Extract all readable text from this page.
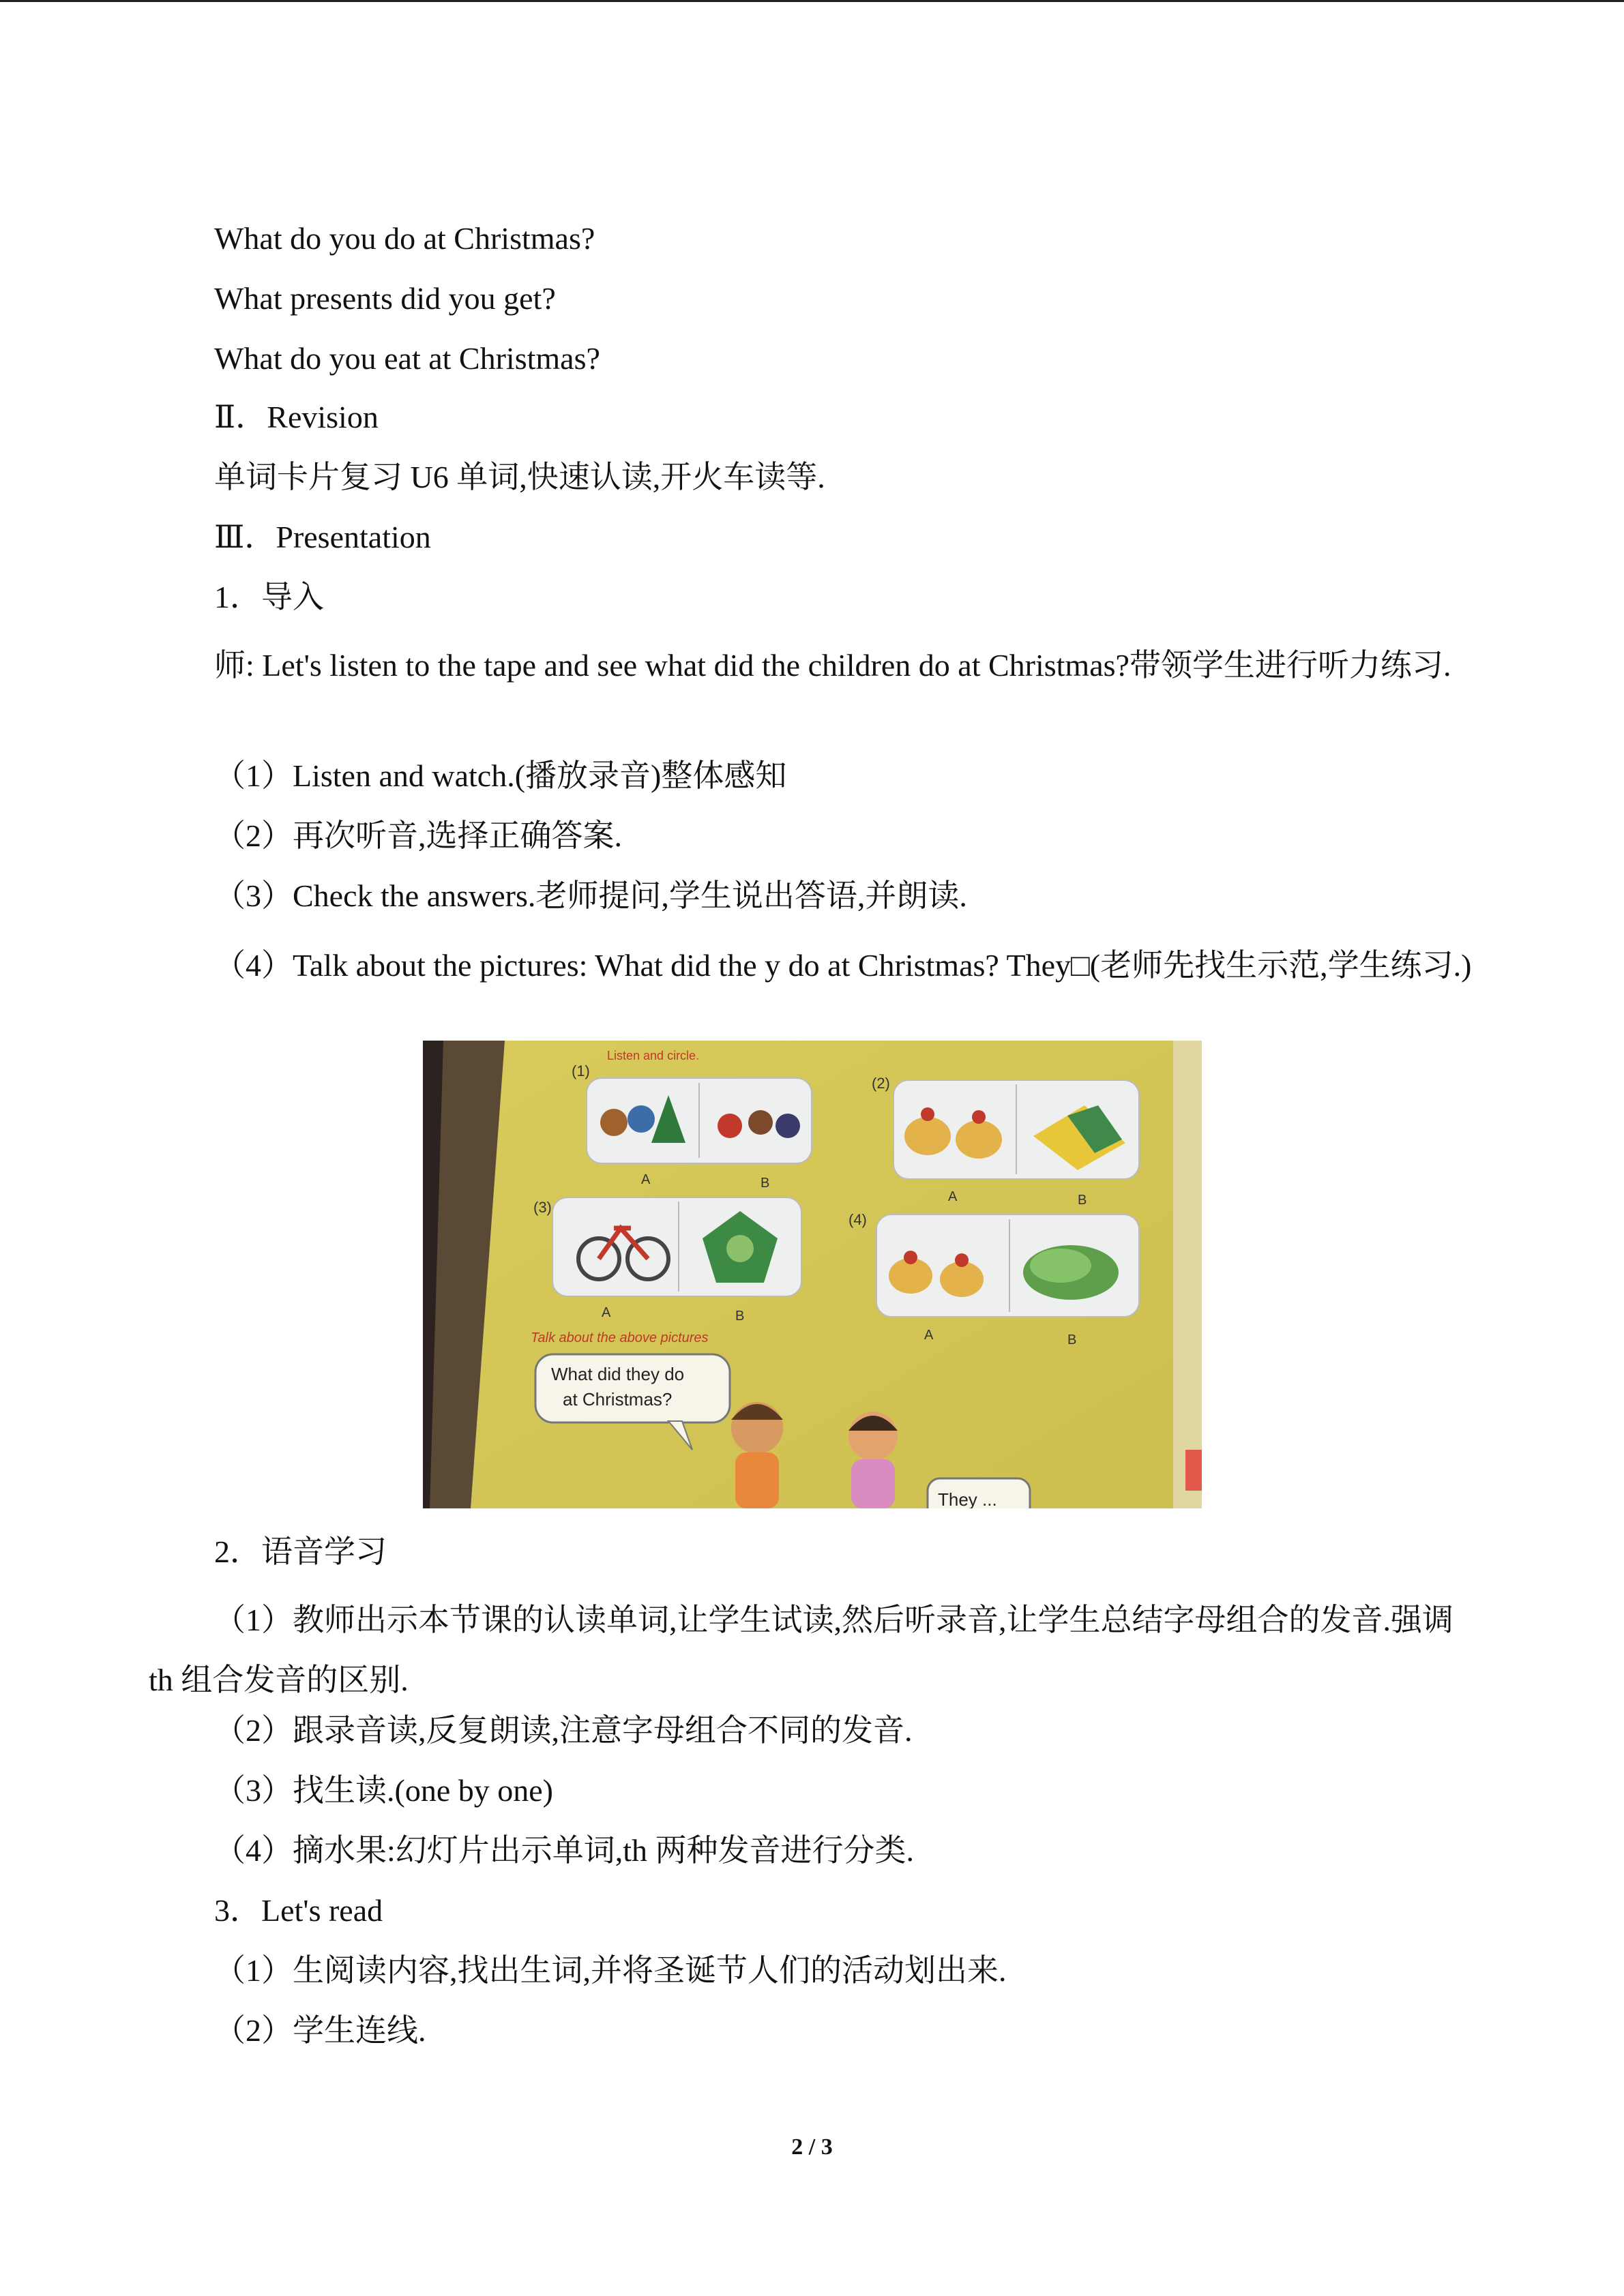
What do you do at Christmas?
What presents did you get?
What do you eat at Christmas?
Ⅱ．Revision
单词卡片复习 U6 单词,快速认读,开火车读等.
Ⅲ．Presentation
1．导入
师: Let's listen to the tape and see what did the children do at Christmas?带领学生进行听力练习.
（1）Listen and watch.(播放录音)整体感知
（2）再次听音,选择正确答案.
（3）Check the answers.老师提问,学生说出答语,并朗读.
（4）Talk about the pictures: What did the y do at Christmas? They□(老师先找生示范,学生练习.)
Listen and circle.
(1)
A	B
(2)
A	B
(3)
A	B
(4)
A	B
Talk about the above pictures
What did they do
at Christmas?
They ...
2．语音学习
（1）教师出示本节课的认读单词,让学生试读,然后听录音,让学生总结字母组合的发音.强调 th 组合发音的区别.
（2）跟录音读,反复朗读,注意字母组合不同的发音.
（3）找生读.(one by one)
（4）摘水果:幻灯片出示单词,th 两种发音进行分类.
3．Let's read
（1）生阅读内容,找出生词,并将圣诞节人们的活动划出来.
（2）学生连线.
2 / 3
